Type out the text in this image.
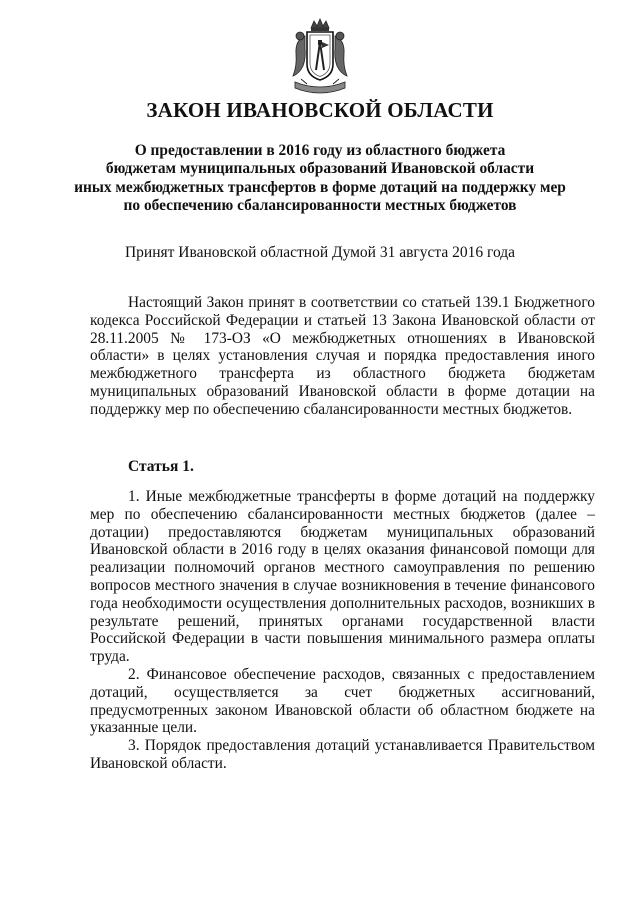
ЗАКОН ИВАНОВСКОЙ ОБЛАСТИ
О предоставлении в 2016 году из областного бюджета
бюджетам муниципальных образований Ивановской области
иных межбюджетных трансфертов в форме дотаций на поддержку мер
по обеспечению сбалансированности местных бюджетов
Принят Ивановской областной Думой 31 августа 2016 года

Настоящий Закон принят в соответствии со статьей 139.1 Бюджетного кодекса Российской Федерации и статьей 13 Закона Ивановской области от 28.11.2005 № 173-ОЗ «О межбюджетных отношениях в Ивановской области» в целях установления случая и порядка предоставления иного межбюджетного трансферта из областного бюджета бюджетам муниципальных образований Ивановской области в форме дотации на поддержку мер по обеспечению сбалансированности местных бюджетов.

Статья 1.

1. Иные межбюджетные трансферты в форме дотаций на поддержку мер по обеспечению сбалансированности местных бюджетов (далее – дотации) предоставляются бюджетам муниципальных образований Ивановской области в 2016 году в целях оказания финансовой помощи для реализации полномочий органов местного самоуправления по решению вопросов местного значения в случае возникновения в течение финансового года необходимости осуществления дополнительных расходов, возникших в результате решений, принятых органами государственной власти Российской Федерации в части повышения минимального размера оплаты труда.

2. Финансовое обеспечение расходов, связанных с предоставлением дотаций, осуществляется за счет бюджетных ассигнований, предусмотренных законом Ивановской области об областном бюджете на указанные цели.

3. Порядок предоставления дотаций устанавливается Правительством Ивановской области.
